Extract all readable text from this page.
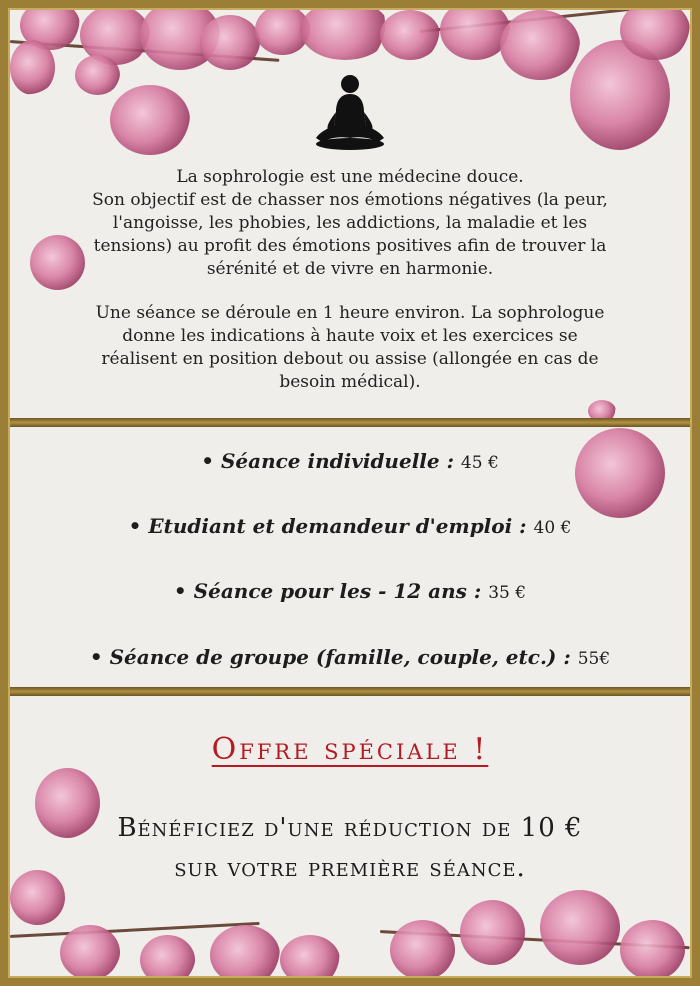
La sophrologie est une médecine douce.
Son objectif est de chasser nos émotions négatives (la peur,
l'angoisse, les phobies, les addictions, la maladie et les
tensions) au profit des émotions positives afin de trouver la
sérénité et de vivre en harmonie.
Une séance se déroule en 1 heure environ. La sophrologue
donne les indications à haute voix et les exercices se
réalisent en position debout ou assise (allongée en cas de
besoin médical).
• Séance individuelle : 45 €
• Etudiant et demandeur d'emploi : 40 €
• Séance pour les - 12 ans : 35 €
• Séance de groupe (famille, couple, etc.) : 55€
Offre spéciale !
Bénéficiez d'une réduction de 10 €
sur votre première séance.
